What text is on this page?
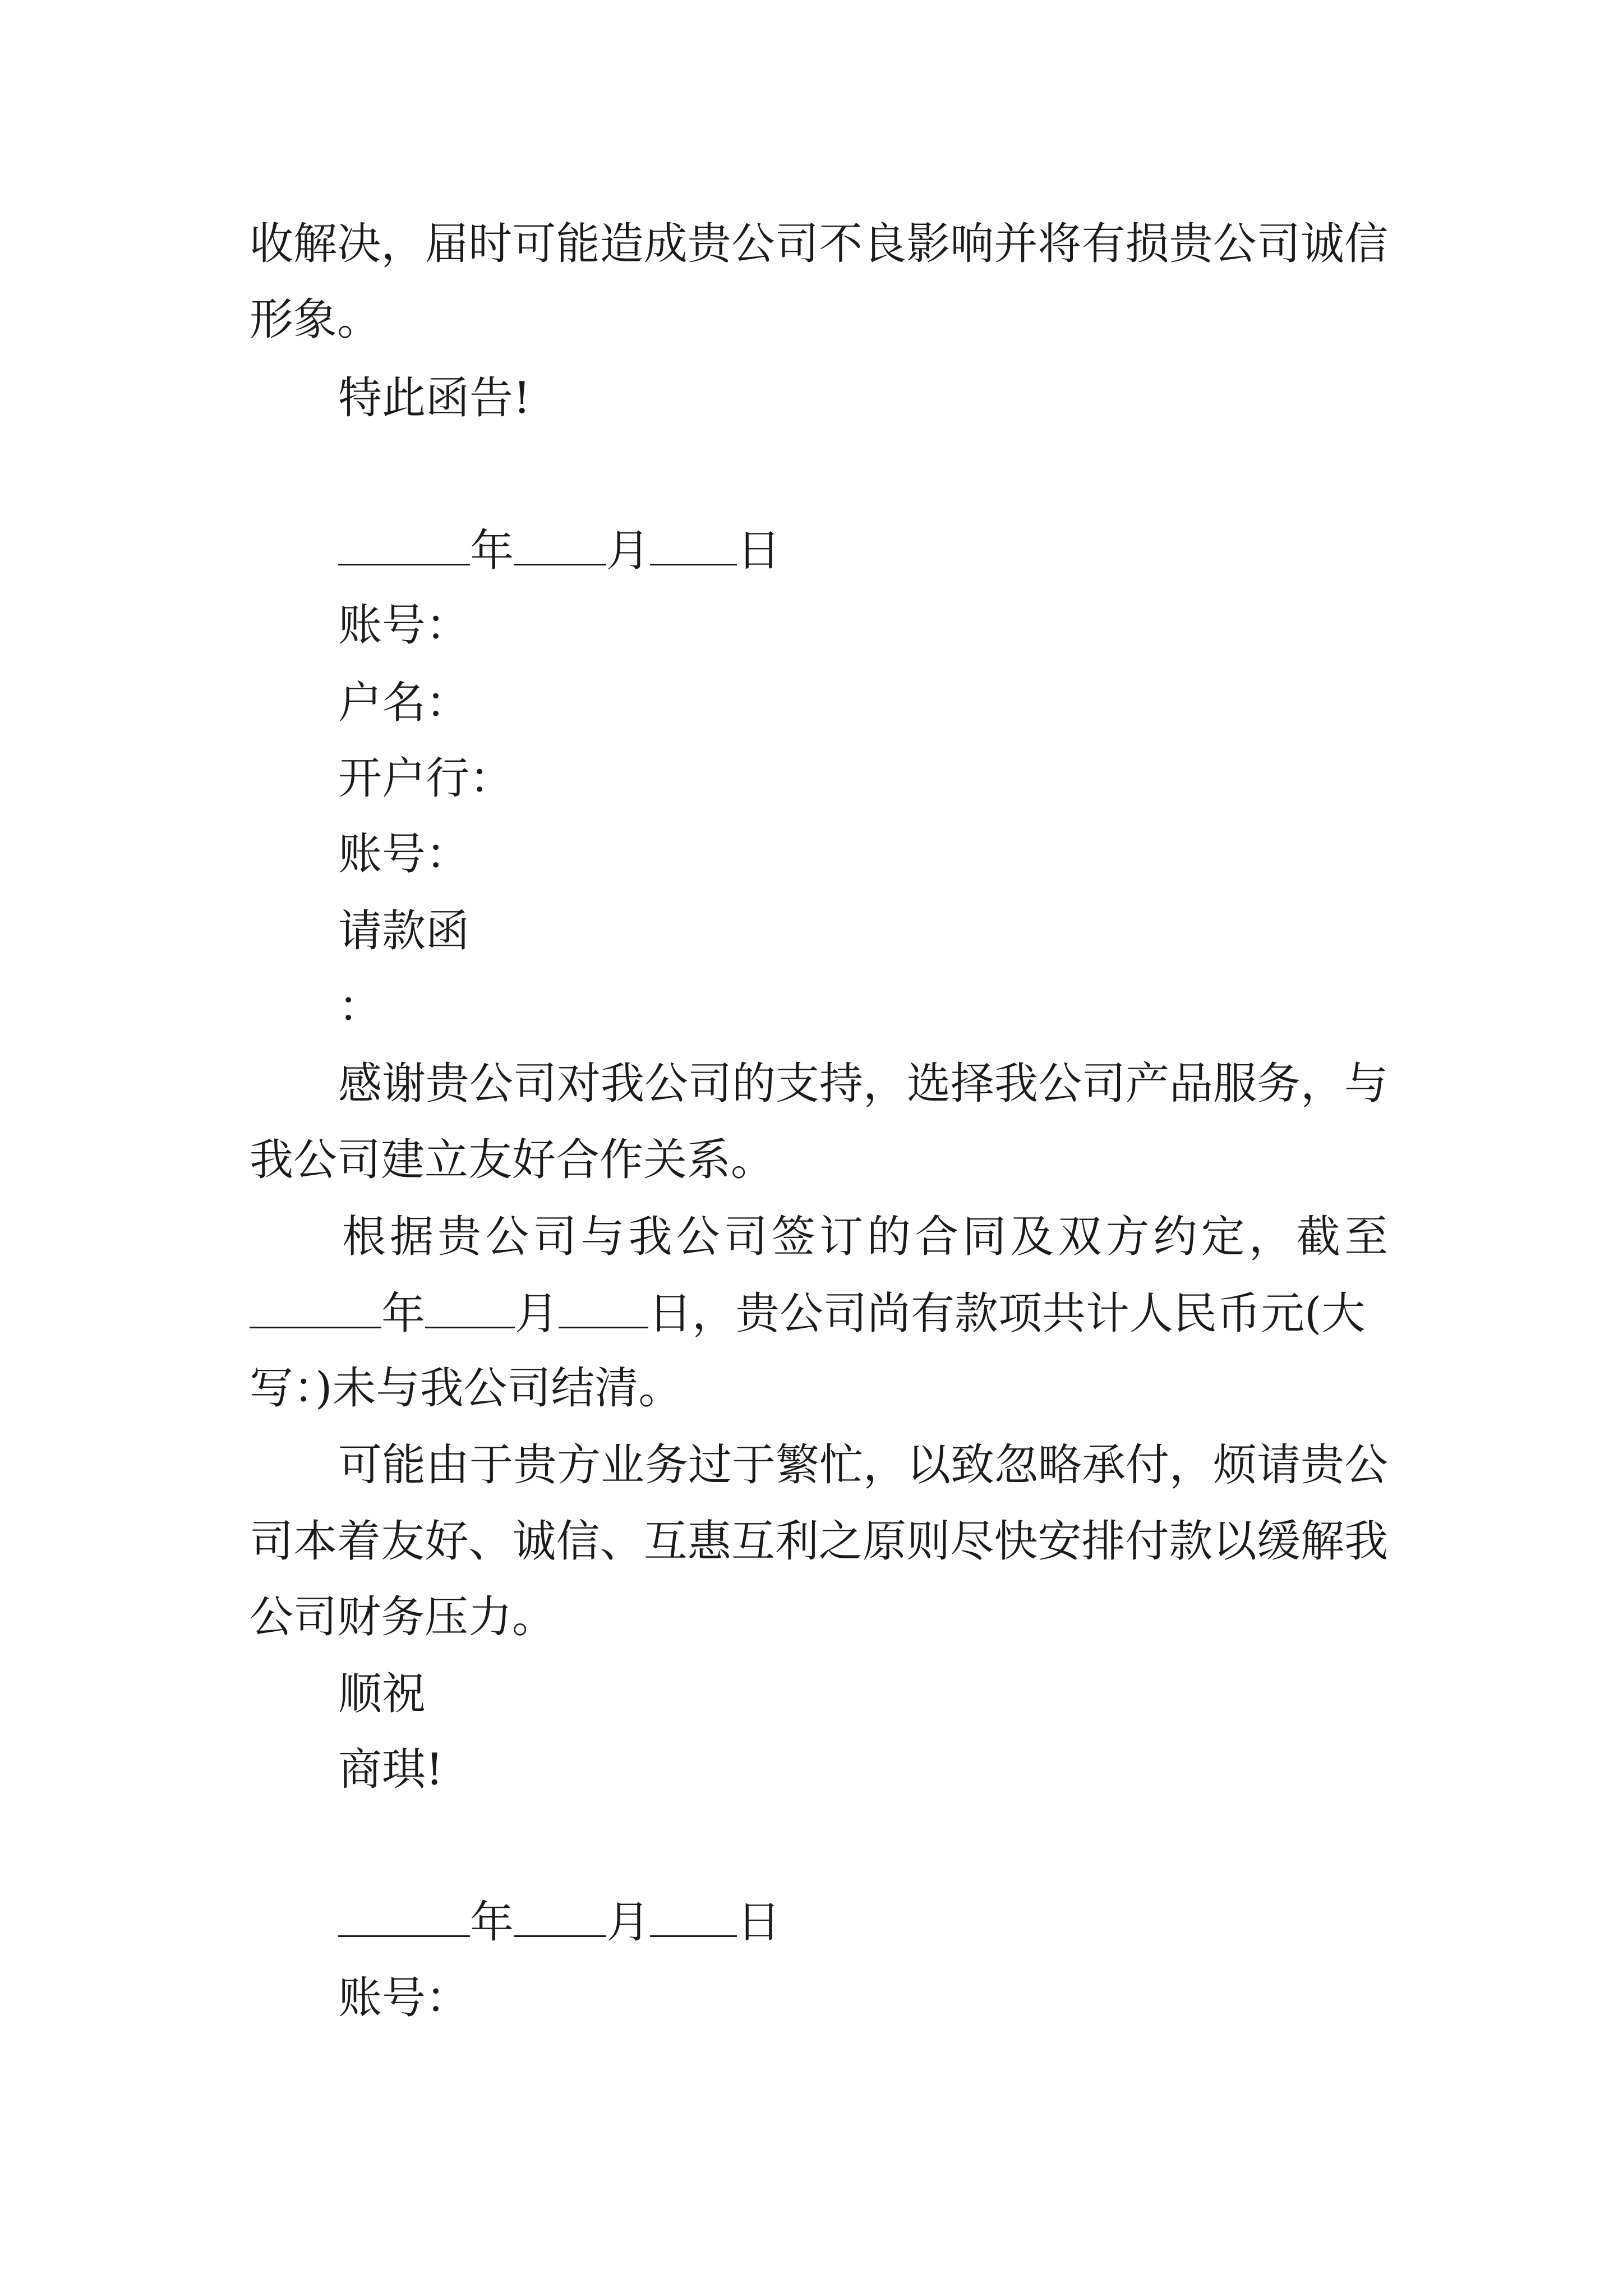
收解决，届时可能造成贵公司不良影响并将有损贵公司诚信
形象。
特此函告!
年 月 日
账号：
户名：
开户行：
账号：
请款函
：
感谢贵公司对我公司的支持，选择我公司产品服务，与
我公司建立友好合作关系。
根据贵公司与我公司签订的合同及双方约定，截至
年 月 日，贵公司尚有款项共计人民币元(大
写：)未与我公司结清。
可能由于贵方业务过于繁忙，以致忽略承付，烦请贵公
司本着友好、诚信、互惠互利之原则尽快安排付款以缓解我
公司财务压力。
顺祝
商琪!
年 月 日
账号：
